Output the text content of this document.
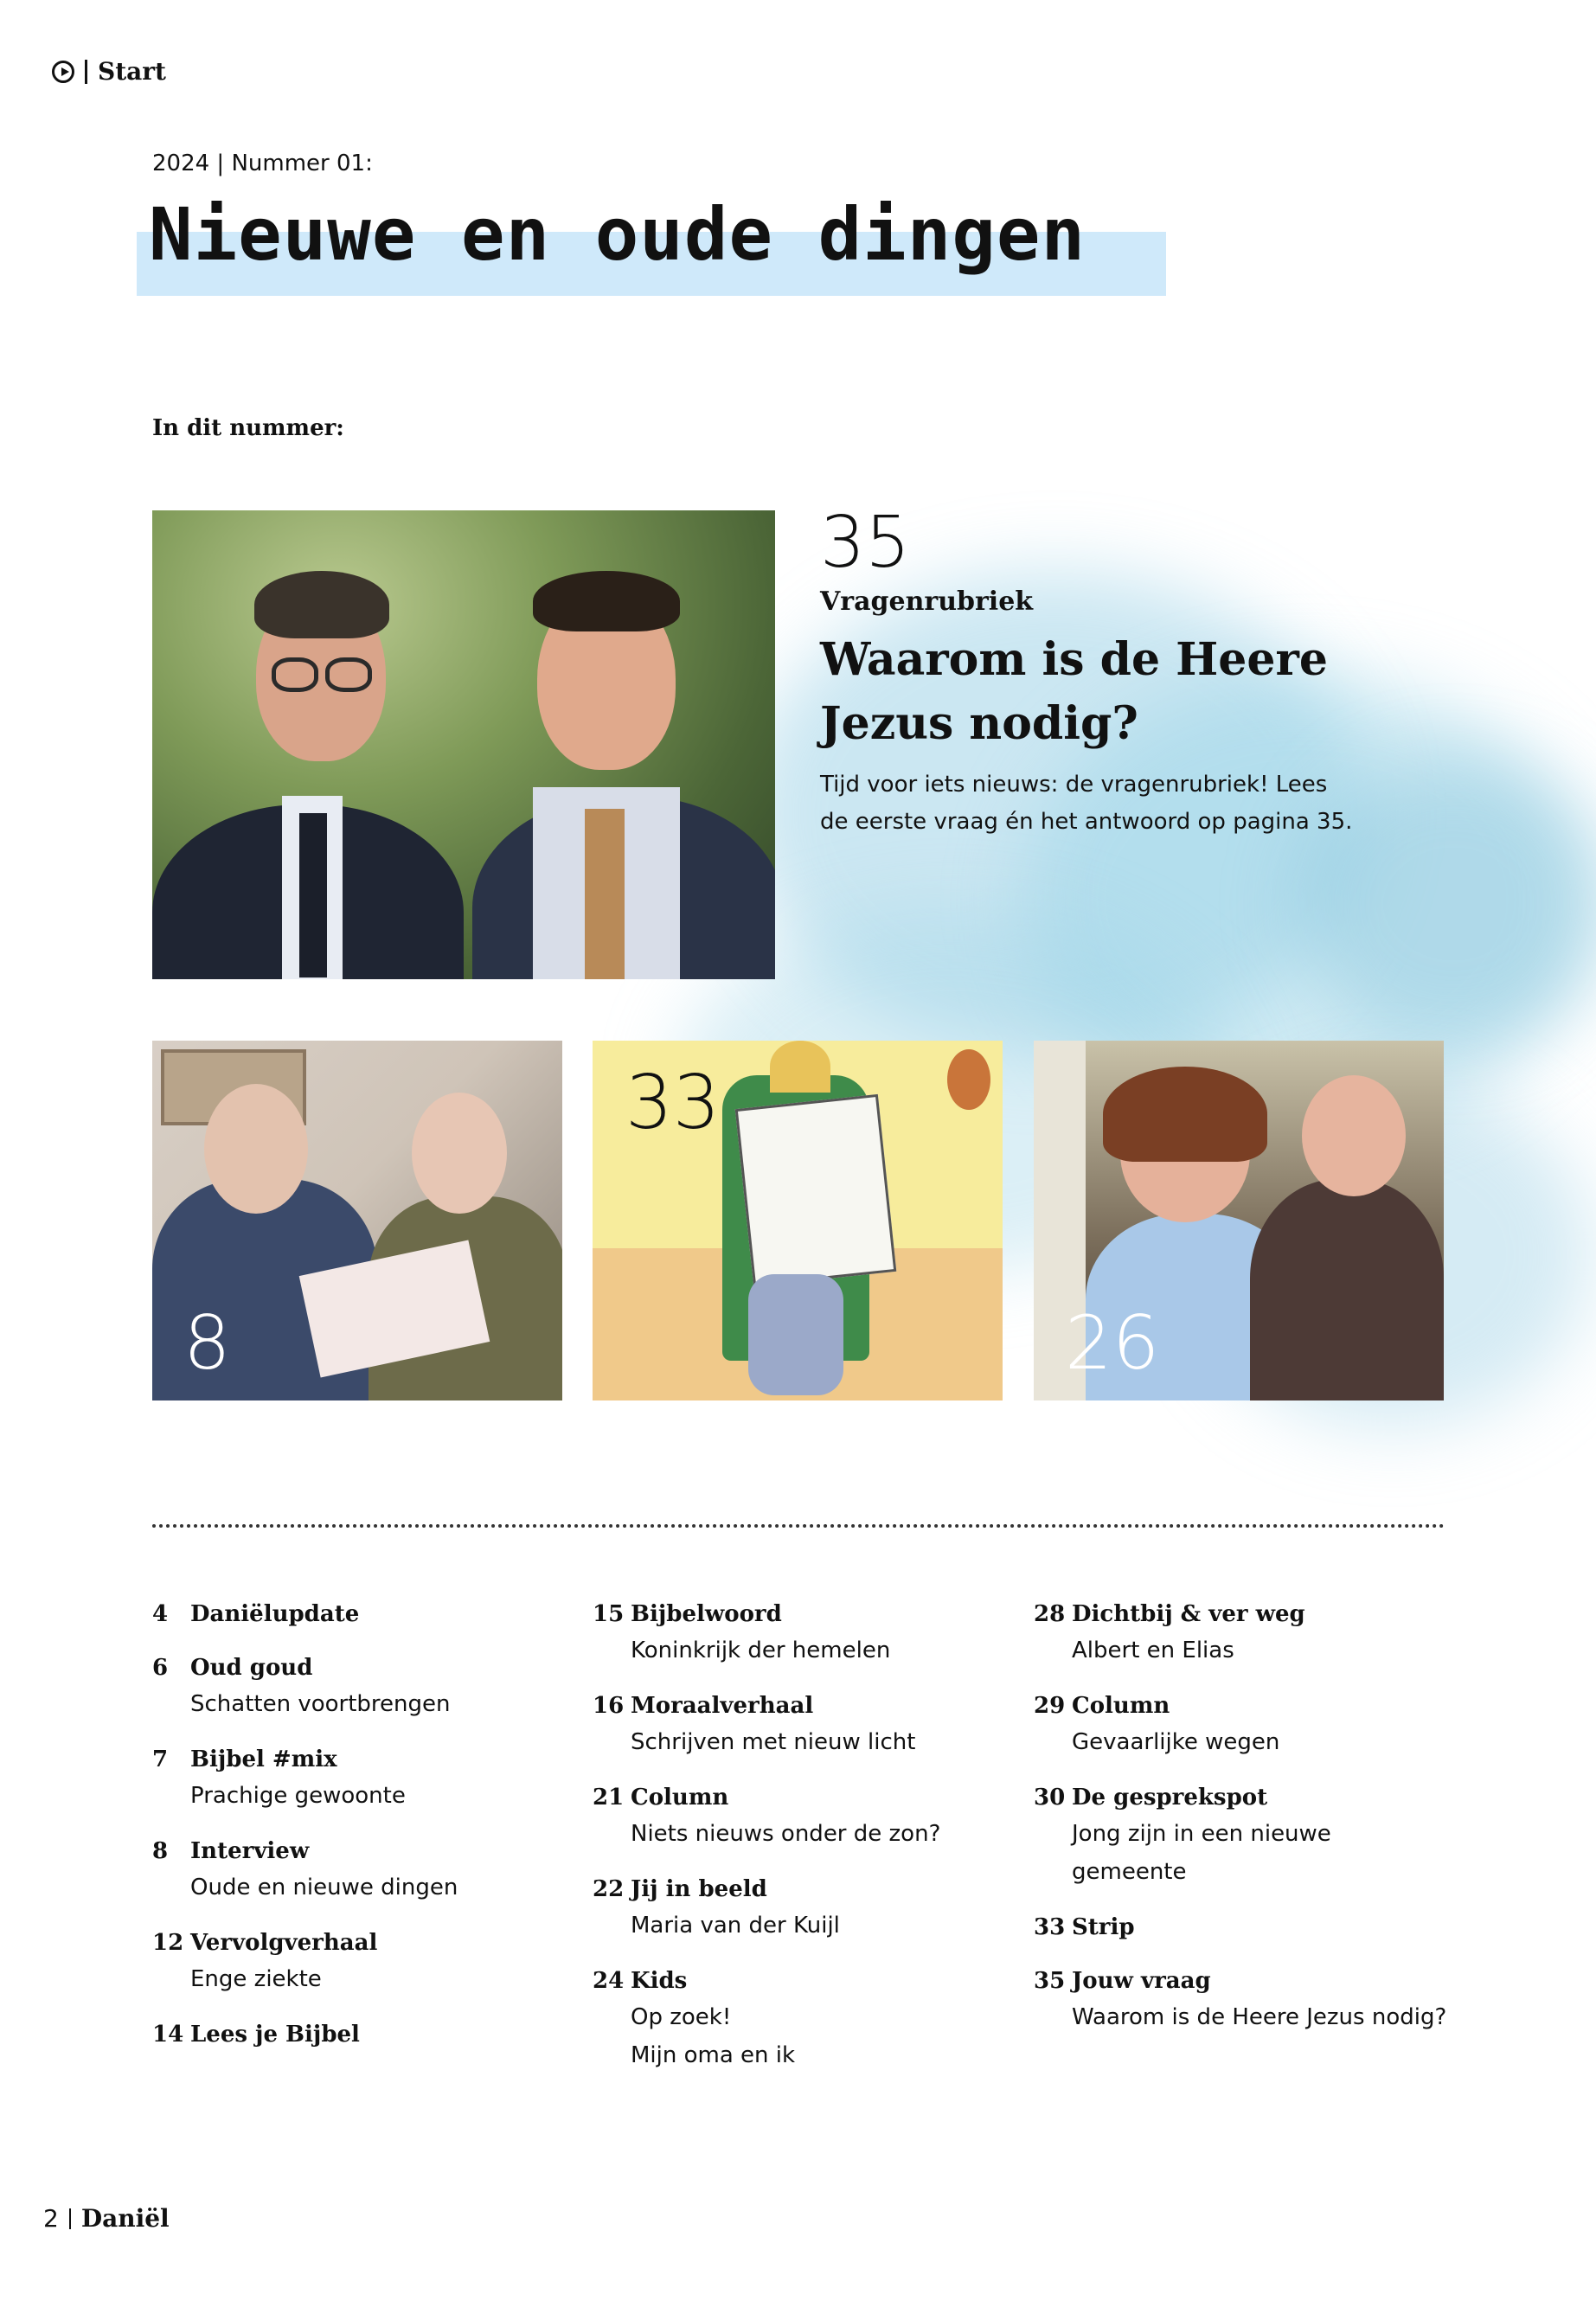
Start
2024 | Nummer 01:
Nieuwe en oude dingen
In dit nummer:
35
Vragenrubriek
Waarom is de Heere Jezus nodig?
Tijd voor iets nieuws: de vragenrubriek! Lees de eerste vraag én het antwoord op pagina 35.
8
33
26
4 Daniëlupdate
6 Oud goud
Schatten voortbrengen
7 Bijbel #mix
Prachige gewoonte
8 Interview
Oude en nieuwe dingen
12 Vervolgverhaal
Enge ziekte
14 Lees je Bijbel
15 Bijbelwoord
Koninkrijk der hemelen
16 Moraalverhaal
Schrijven met nieuw licht
21 Column
Niets nieuws onder de zon?
22 Jij in beeld
Maria van der Kuijl
24 Kids
Op zoek!
Mijn oma en ik
28 Dichtbij & ver weg
Albert en Elias
29 Column
Gevaarlijke wegen
30 De gesprekspot
Jong zijn in een nieuwe gemeente
33 Strip
35 Jouw vraag
Waarom is de Heere Jezus nodig?
2 Daniël
